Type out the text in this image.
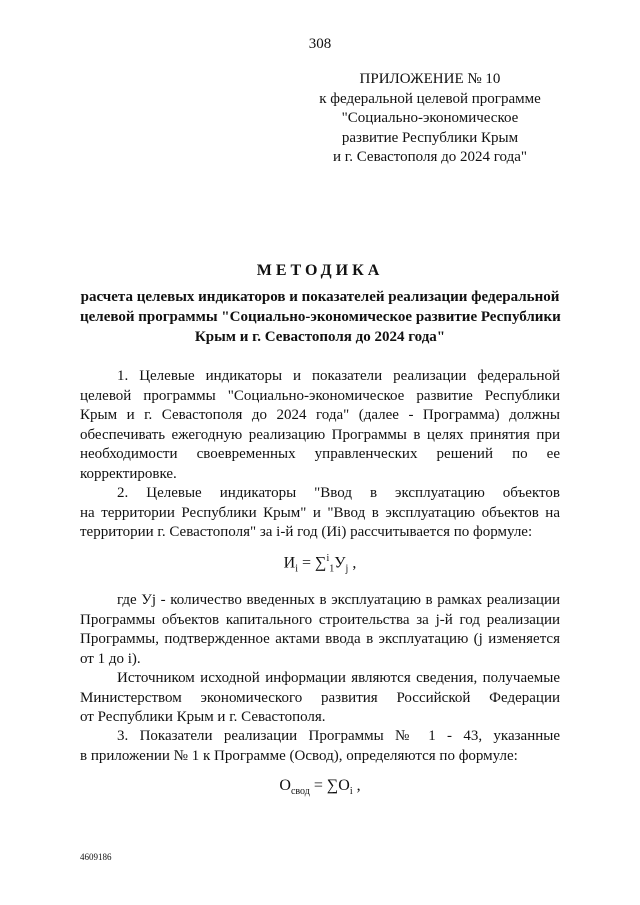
308
ПРИЛОЖЕНИЕ № 10
к федеральной целевой программе
"Социально-экономическое
развитие Республики Крым
и г. Севастополя до 2024 года"
МЕТОДИКА
расчета целевых индикаторов и показателей реализации федеральной
целевой программы "Социально-экономическое развитие Республики
Крым и г. Севастополя до 2024 года"
1. Целевые индикаторы и показатели реализации федеральной
целевой программы "Социально-экономическое развитие Республики
Крым и г. Севастополя до 2024 года" (далее - Программа) должны
обеспечивать ежегодную реализацию Программы в целях принятия при
необходимости своевременных управленческих решений по ее
корректировке.
2. Целевые индикаторы "Ввод в эксплуатацию объектов
на территории Республики Крым" и "Ввод в эксплуатацию объектов на
территории г. Севастополя" за i-й год (Иi) рассчитывается по формуле:
$И_i = \sum^i_1У_j$ ,
где Уj - количество введенных в эксплуатацию в рамках реализации
Программы объектов капитального строительства за j-й год реализации
Программы, подтвержденное актами ввода в эксплуатацию (j изменяется
от 1 до i).
Источником исходной информации являются сведения, получаемые
Министерством экономического развития Российской Федерации
от Республики Крым и г. Севастополя.
3. Показатели реализации Программы № 1 - 43, указанные
в приложении № 1 к Программе (Освод), определяются по формуле:
$О_{свод} = \sum О_i$ ,
4609186
